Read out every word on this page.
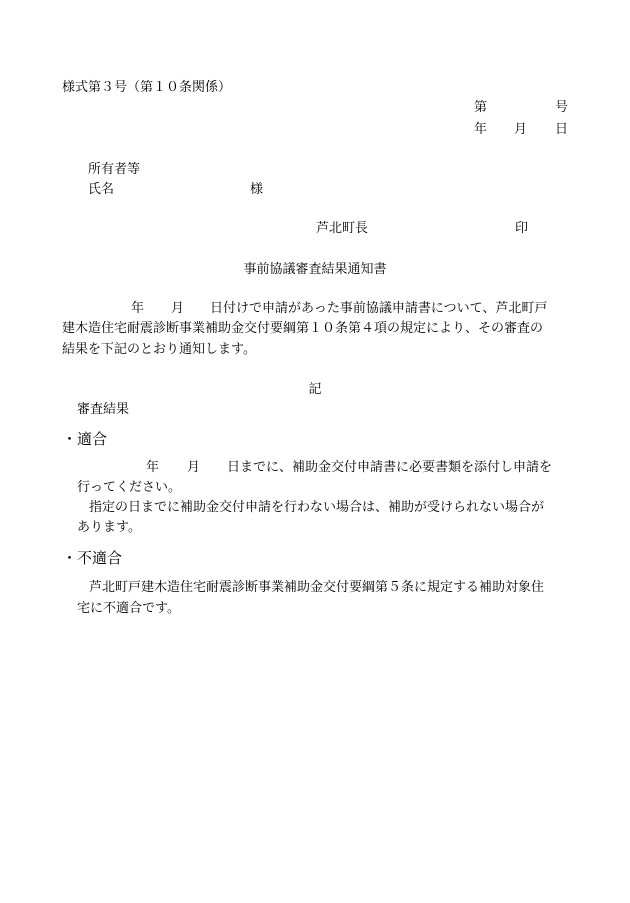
様式第３号（第１０条関係）
第	号
年 月 日
所有者等
氏名	様
芦北町長	印
事前協議審査結果通知書
年 月 日付けで申請があった事前協議申請書について、芦北町戸
建木造住宅耐震診断事業補助金交付要綱第１０条第４項の規定により、その審査の
結果を下記のとおり通知します。
記
審査結果
・適合
年 月 日までに、補助金交付申請書に必要書類を添付し申請を
行ってください。
指定の日までに補助金交付申請を行わない場合は、補助が受けられない場合が
あります。
・不適合
芦北町戸建木造住宅耐震診断事業補助金交付要綱第５条に規定する補助対象住
宅に不適合です。
